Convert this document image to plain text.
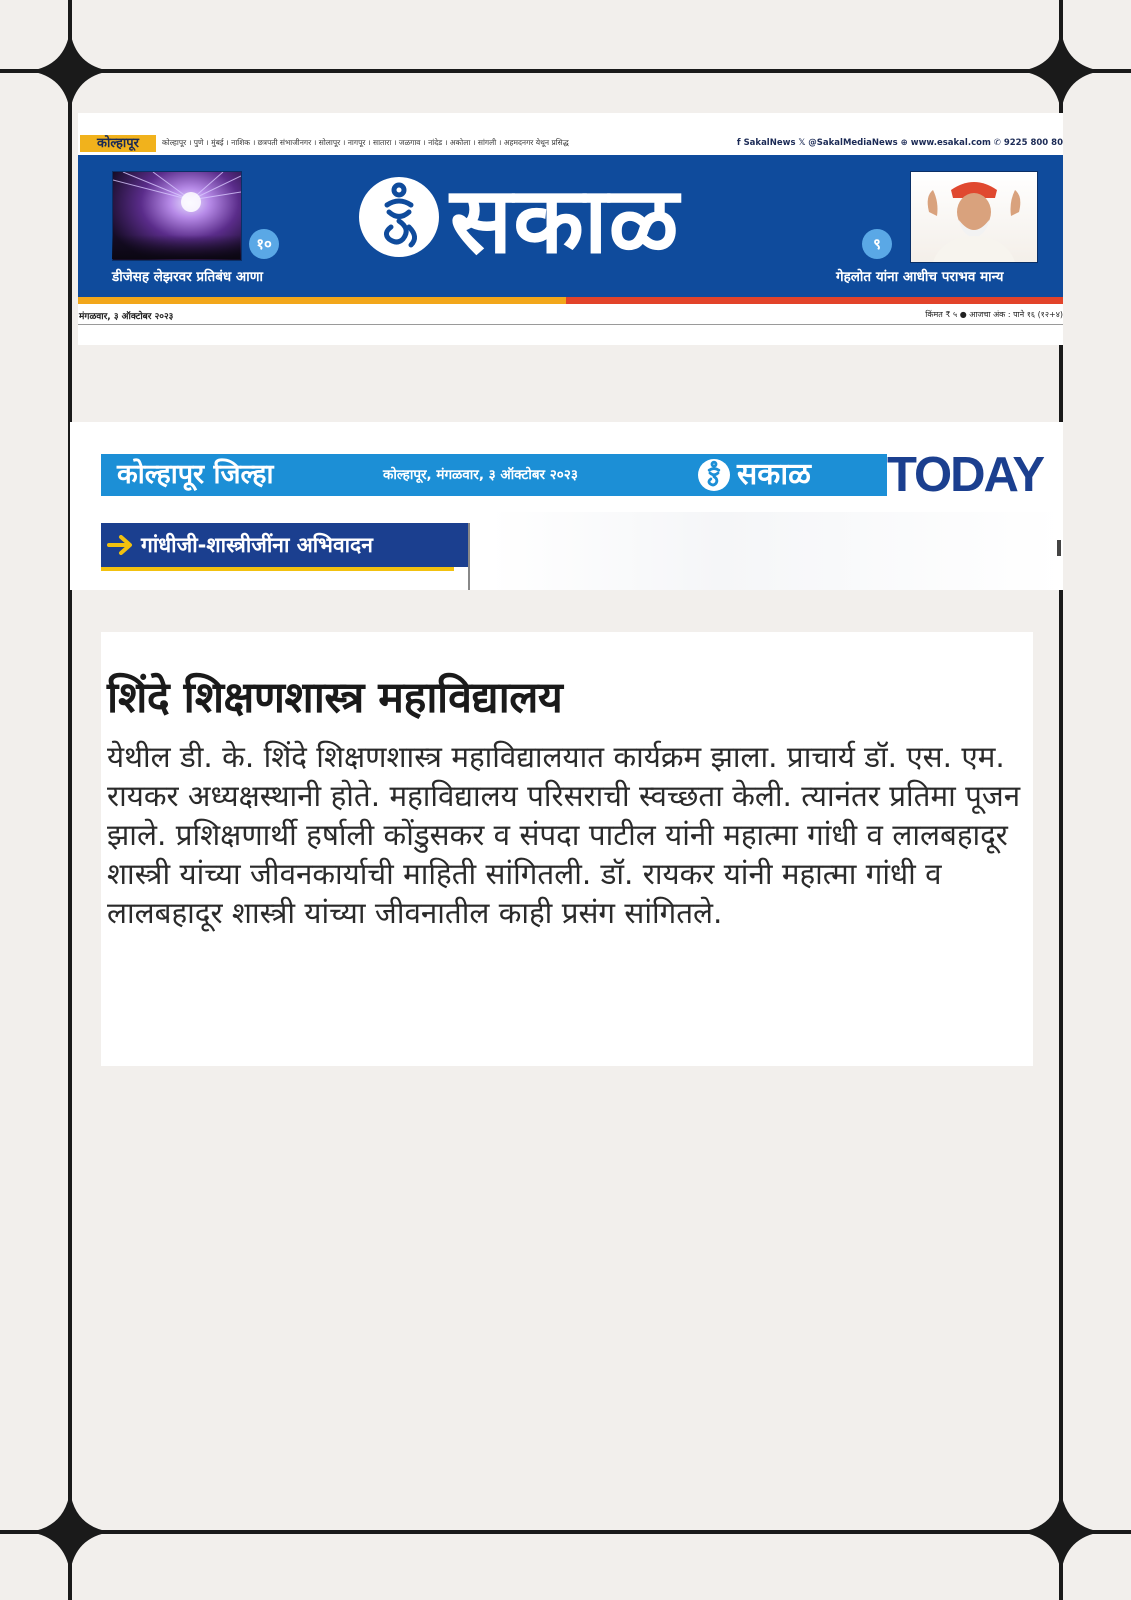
कोल्हापूर	कोल्हापूर । पुणे । मुंबई । नाशिक । छत्रपती संभाजीनगर । सोलापूर । नागपूर । सातारा । जळगाव । नांदेड । अकोला । सांगली । अहमदनगर येथून प्रसिद्ध	f SakalNews 𝕏 @SakalMediaNews ⊕ www.esakal.com ✆ 9225 800 80
१०
डीजेसह लेझरवर प्रतिबंध आणा
सकाळ	९
गेहलोत यांना आधीच पराभव मान्य
मंगळवार, ३ ऑक्टोबर २०२३	किंमत ₹ ५ ● आजचा अंक : पाने १६ (१२+४)
कोल्हापूर जिल्हा	कोल्हापूर, मंगळवार, ३ ऑक्टोबर २०२३	सकाळ TODAY
गांधीजी-शास्त्रीजींना अभिवादन
शिंदे शिक्षणशास्त्र महाविद्यालय

येथील डी. के. शिंदे शिक्षणशास्त्र महाविद्यालयात कार्यक्रम झाला. प्राचार्य डॉ. एस. एम. रायकर अध्यक्षस्थानी होते. महाविद्यालय परिसराची स्वच्छता केली. त्यानंतर प्रतिमा पूजन झाले. प्रशिक्षणार्थी हर्षाली कोंडुसकर व संपदा पाटील यांनी महात्मा गांधी व लालबहादूर शास्त्री यांच्या जीवनकार्याची माहिती सांगितली. डॉ. रायकर यांनी महात्मा गांधी व लालबहादूर शास्त्री यांच्या जीवनातील काही प्रसंग सांगितले.
